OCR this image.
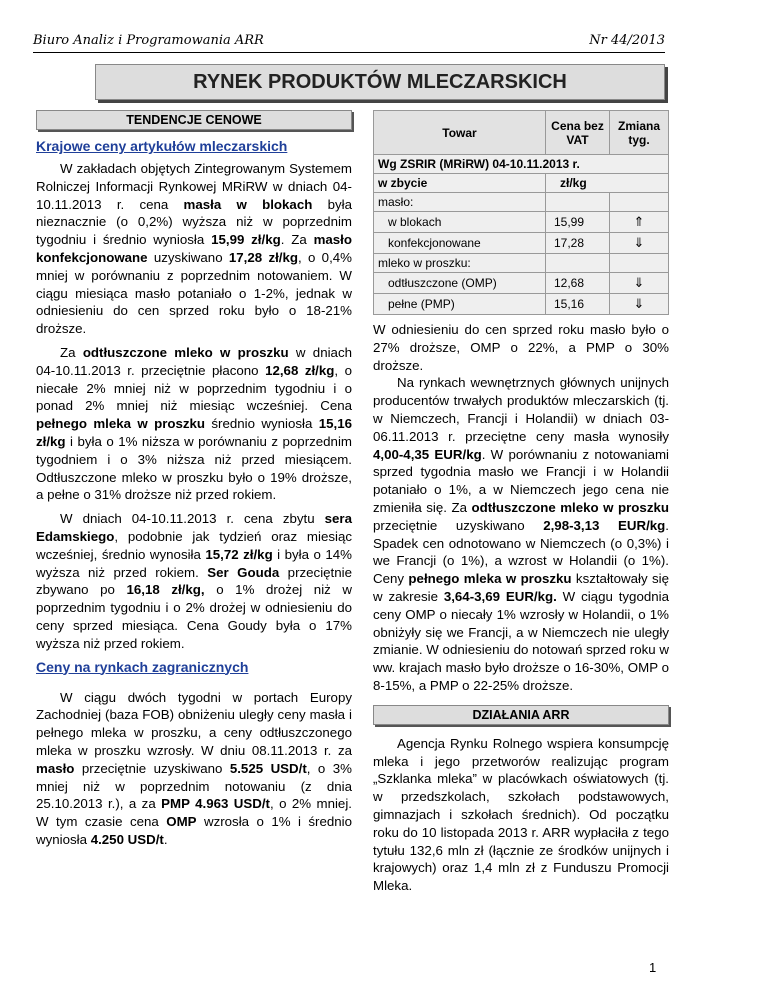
Biuro Analiz i Programowania ARR	Nr 44/2013
RYNEK PRODUKTÓW MLECZARSKICH
TENDENCJE CENOWE
Krajowe ceny artykułów mleczarskich

W zakładach objętych Zintegrowanym Systemem Rolniczej Informacji Rynkowej MRiRW w dniach 04-10.11.2013 r. cena masła w blokach była nieznacznie (o 0,2%) wyższa niż w poprzednim tygodniu i średnio wyniosła 15,99 zł/kg. Za masło konfekcjonowane uzyskiwano 17,28 zł/kg, o 0,4% mniej w porównaniu z poprzednim notowaniem. W ciągu miesiąca masło potaniało o 1-2%, jednak w odniesieniu do cen sprzed roku było o 18-21% droższe.

Za odtłuszczone mleko w proszku w dniach 04-10.11.2013 r. przeciętnie płacono 12,68 zł/kg, o niecałe 2% mniej niż w poprzednim tygodniu i o ponad 2% mniej niż miesiąc wcześniej. Cena pełnego mleka w proszku średnio wyniosła 15,16 zł/kg i była o 1% niższa w porównaniu z poprzednim tygodniem i o 3% niższa niż przed miesiącem. Odtłuszczone mleko w proszku było o 19% droższe, a pełne o 31% droższe niż przed rokiem.

W dniach 04-10.11.2013 r. cena zbytu sera Edamskiego, podobnie jak tydzień oraz miesiąc wcześniej, średnio wynosiła 15,72 zł/kg i była o 14% wyższa niż przed rokiem. Ser Gouda przeciętnie zbywano po 16,18 zł/kg, o 1% drożej niż w poprzednim tygodniu i o 2% drożej w odniesieniu do ceny sprzed miesiąca. Cena Goudy była o 17% wyższa niż przed rokiem.

Ceny na rynkach zagranicznych

W ciągu dwóch tygodni w portach Europy Zachodniej (baza FOB) obniżeniu uległy ceny masła i pełnego mleka w proszku, a ceny odtłuszczonego mleka w proszku wzrosły. W dniu 08.11.2013 r. za masło przeciętnie uzyskiwano 5.525 USD/t, o 3% mniej niż w poprzednim notowaniu (z dnia 25.10.2013 r.), a za PMP 4.963 USD/t, o 2% mniej. W tym czasie cena OMP wzrosła o 1% i średnio wyniosła 4.250 USD/t.

Towar	Cena bez VAT	Zmiana tyg.
Wg ZSRIR (MRiRW) 04-10.11.2013 r.		
w zbycie	zł/kg	
masło:		
w blokach	15,99	⇑
konfekcjonowane	17,28	⇓
mleko w proszku:		
odtłuszczone (OMP)	12,68	⇓
pełne (PMP)	15,16	⇓

W odniesieniu do cen sprzed roku masło było o 27% droższe, OMP o 22%, a PMP o 30% droższe.

Na rynkach wewnętrznych głównych unijnych producentów trwałych produktów mleczarskich (tj. w Niemczech, Francji i Holandii) w dniach 03-06.11.2013 r. przeciętne ceny masła wynosiły 4,00-4,35 EUR/kg. W porównaniu z notowaniami sprzed tygodnia masło we Francji i w Holandii potaniało o 1%, a w Niemczech jego cena nie zmieniła się. Za odtłuszczone mleko w proszku przeciętnie uzyskiwano 2,98-3,13 EUR/kg. Spadek cen odnotowano w Niemczech (o 0,3%) i we Francji (o 1%), a wzrost w Holandii (o 1%). Ceny pełnego mleka w proszku kształtowały się w zakresie 3,64-3,69 EUR/kg. W ciągu tygodnia ceny OMP o niecały 1% wzrosły w Holandii, o 1% obniżyły się we Francji, a w Niemczech nie uległy zmianie. W odniesieniu do notowań sprzed roku w ww. krajach masło było droższe o 16-30%, OMP o 8-15%, a PMP o 22-25% droższe.

DZIAŁANIA ARR

Agencja Rynku Rolnego wspiera konsumpcję mleka i jego przetworów realizując program „Szklanka mleka” w placówkach oświatowych (tj. w przedszkolach, szkołach podstawowych, gimnazjach i szkołach średnich). Od początku roku do 10 listopada 2013 r. ARR wypłaciła z tego tytułu 132,6 mln zł (łącznie ze środków unijnych i krajowych) oraz 1,4 mln zł z Funduszu Promocji Mleka.

1
